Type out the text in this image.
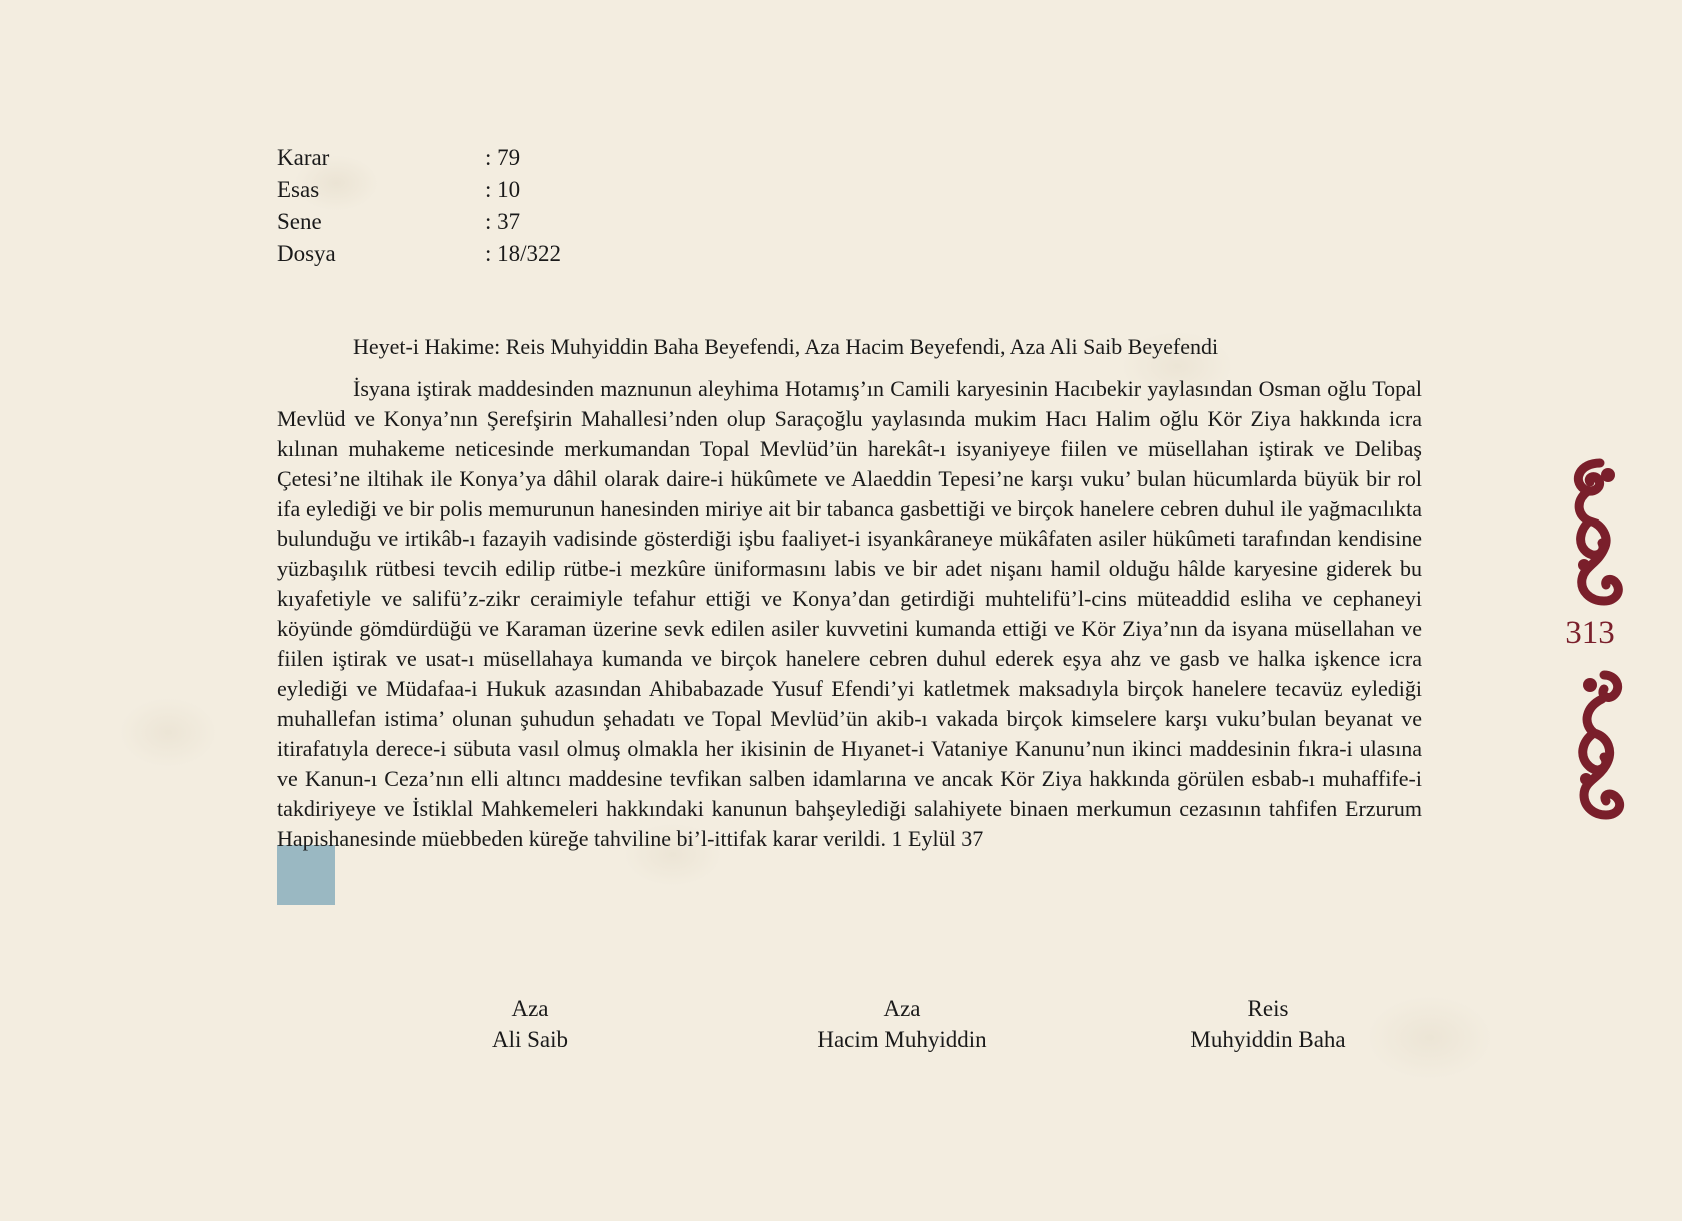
Karar	: 79
Esas	: 10
Sene	: 37
Dosya	: 18/322
Heyet-i Hakime: Reis Muhyiddin Baha Beyefendi, Aza Hacim Beyefendi, Aza Ali Saib Beyefendi

İsyana iştirak maddesinden maznunun aleyhima Hotamış’ın Camili karyesinin Hacıbekir yaylasından Osman oğlu Topal Mevlüd ve Konya’nın Şerefşirin Mahallesi’nden olup Saraçoğlu yaylasında mukim Hacı Halim oğlu Kör Ziya hakkında icra kılınan muhakeme neticesinde merkumandan Topal Mevlüd’ün harekât-ı isyaniyeye fiilen ve müsellahan iştirak ve Delibaş Çetesi’ne iltihak ile Konya’ya dâhil olarak daire-i hükûmete ve Alaeddin Tepesi’ne karşı vuku’ bulan hücumlarda büyük bir rol ifa eylediği ve bir polis memurunun hanesinden miriye ait bir tabanca gasbettiği ve birçok hanelere cebren duhul ile yağmacılıkta bulunduğu ve irtikâb-ı fazayih vadisinde gösterdiği işbu faaliyet-i isyankâraneye mükâfaten asiler hükûmeti tarafından kendisine yüzbaşılık rütbesi tevcih edilip rütbe-i mezkûre üniformasını labis ve bir adet nişanı hamil olduğu hâlde karyesine giderek bu kıyafetiyle ve salifü’z-zikr ceraimiyle tefahur ettiği ve Konya’dan getirdiği muhtelifü’l-cins müteaddid esliha ve cephaneyi köyünde gömdürdüğü ve Karaman üzerine sevk edilen asiler kuvvetini kumanda ettiği ve Kör Ziya’nın da isyana müsellahan ve fiilen iştirak ve usat-ı müsellahaya kumanda ve birçok hanelere cebren duhul ederek eşya ahz ve gasb ve halka işkence icra eylediği ve Müdafaa-i Hukuk azasından Ahibabazade Yusuf Efendi’yi katletmek maksadıyla birçok hanelere tecavüz eylediği muhallefan istima’ olunan şuhudun şehadatı ve Topal Mevlüd’ün akib-ı vakada birçok kimselere karşı vuku’bulan beyanat ve itirafatıyla derece-i sübuta vasıl olmuş olmakla her ikisinin de Hıyanet-i Vataniye Kanunu’nun ikinci maddesinin fıkra-i ulasına ve Kanun-ı Ceza’nın elli altıncı maddesine tevfikan salben idamlarına ve ancak Kör Ziya hakkında görülen esbab-ı muhaffife-i takdiriyeye ve İstiklal Mahkemeleri hakkındaki kanunun bahşeylediği salahiyete binaen merkumun cezasının tahfifen Erzurum Hapishanesinde müebbeden küreğe tahviline bi’l-ittifak karar verildi. 1 Eylül 37

Aza
Ali Saib
Aza
Hacim Muhyiddin
Reis
Muhyiddin Baha
313
